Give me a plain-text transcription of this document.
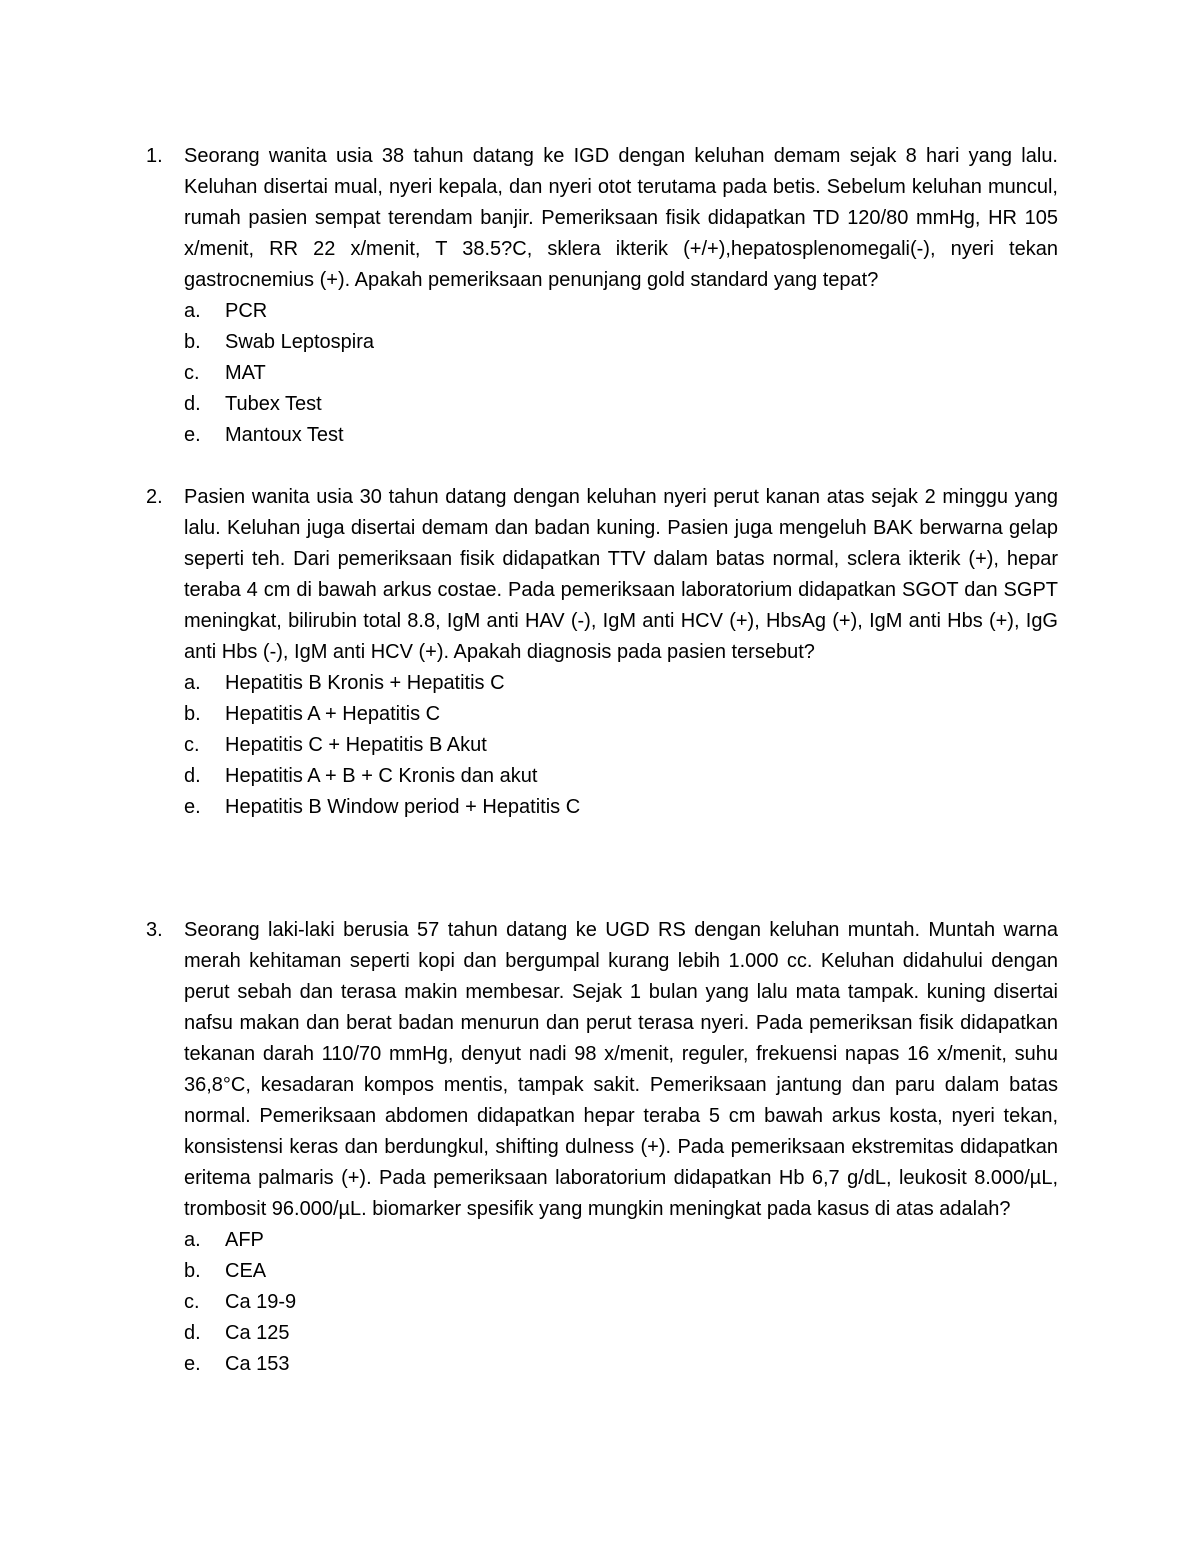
1.	Seorang wanita usia 38 tahun datang ke IGD dengan keluhan demam sejak 8 hari yang lalu. Keluhan disertai mual, nyeri kepala, dan nyeri otot terutama pada betis. Sebelum keluhan muncul, rumah pasien sempat terendam banjir. Pemeriksaan fisik didapatkan TD 120/80 mmHg, HR 105 x/menit, RR 22 x/menit, T 38.5?C, sklera ikterik (+/+),hepatosplenomegali(-), nyeri tekan gastrocnemius (+). Apakah pemeriksaan penunjang gold standard yang tepat?
a.	PCR
b.	Swab Leptospira
c.	MAT
d.	Tubex Test
e.	Mantoux Test
2.	Pasien wanita usia 30 tahun datang dengan keluhan nyeri perut kanan atas sejak 2 minggu yang lalu. Keluhan juga disertai demam dan badan kuning. Pasien juga mengeluh BAK berwarna gelap seperti teh. Dari pemeriksaan fisik didapatkan TTV dalam batas normal, sclera ikterik (+), hepar teraba 4 cm di bawah arkus costae. Pada pemeriksaan laboratorium didapatkan SGOT dan SGPT meningkat, bilirubin total 8.8, IgM anti HAV (-), IgM anti HCV (+), HbsAg (+), IgM anti Hbs (+), IgG anti Hbs (-), IgM anti HCV (+). Apakah diagnosis pada pasien tersebut?
a.	Hepatitis B Kronis + Hepatitis C
b.	Hepatitis A + Hepatitis C
c.	Hepatitis C + Hepatitis B Akut
d.	Hepatitis A + B + C Kronis dan akut
e.	Hepatitis B Window period + Hepatitis C
3.	Seorang laki-laki berusia 57 tahun datang ke UGD RS dengan keluhan muntah. Muntah warna merah kehitaman seperti kopi dan bergumpal kurang lebih 1.000 cc. Keluhan didahului dengan perut sebah dan terasa makin membesar. Sejak 1 bulan yang lalu mata tampak. kuning disertai nafsu makan dan berat badan menurun dan perut terasa nyeri. Pada pemeriksan fisik didapatkan tekanan darah 110/70 mmHg, denyut nadi 98 x/menit, reguler, frekuensi napas 16 x/menit, suhu 36,8°C, kesadaran kompos mentis, tampak sakit. Pemeriksaan jantung dan paru dalam batas normal. Pemeriksaan abdomen didapatkan hepar teraba 5 cm bawah arkus kosta, nyeri tekan, konsistensi keras dan berdungkul, shifting dulness (+). Pada pemeriksaan ekstremitas didapatkan eritema palmaris (+). Pada pemeriksaan laboratorium didapatkan Hb 6,7 g/dL, leukosit 8.000/µL, trombosit 96.000/µL. biomarker spesifik yang mungkin meningkat pada kasus di atas adalah?
a.	AFP
b.	CEA
c.	Ca 19-9
d.	Ca 125
e.	Ca 153
